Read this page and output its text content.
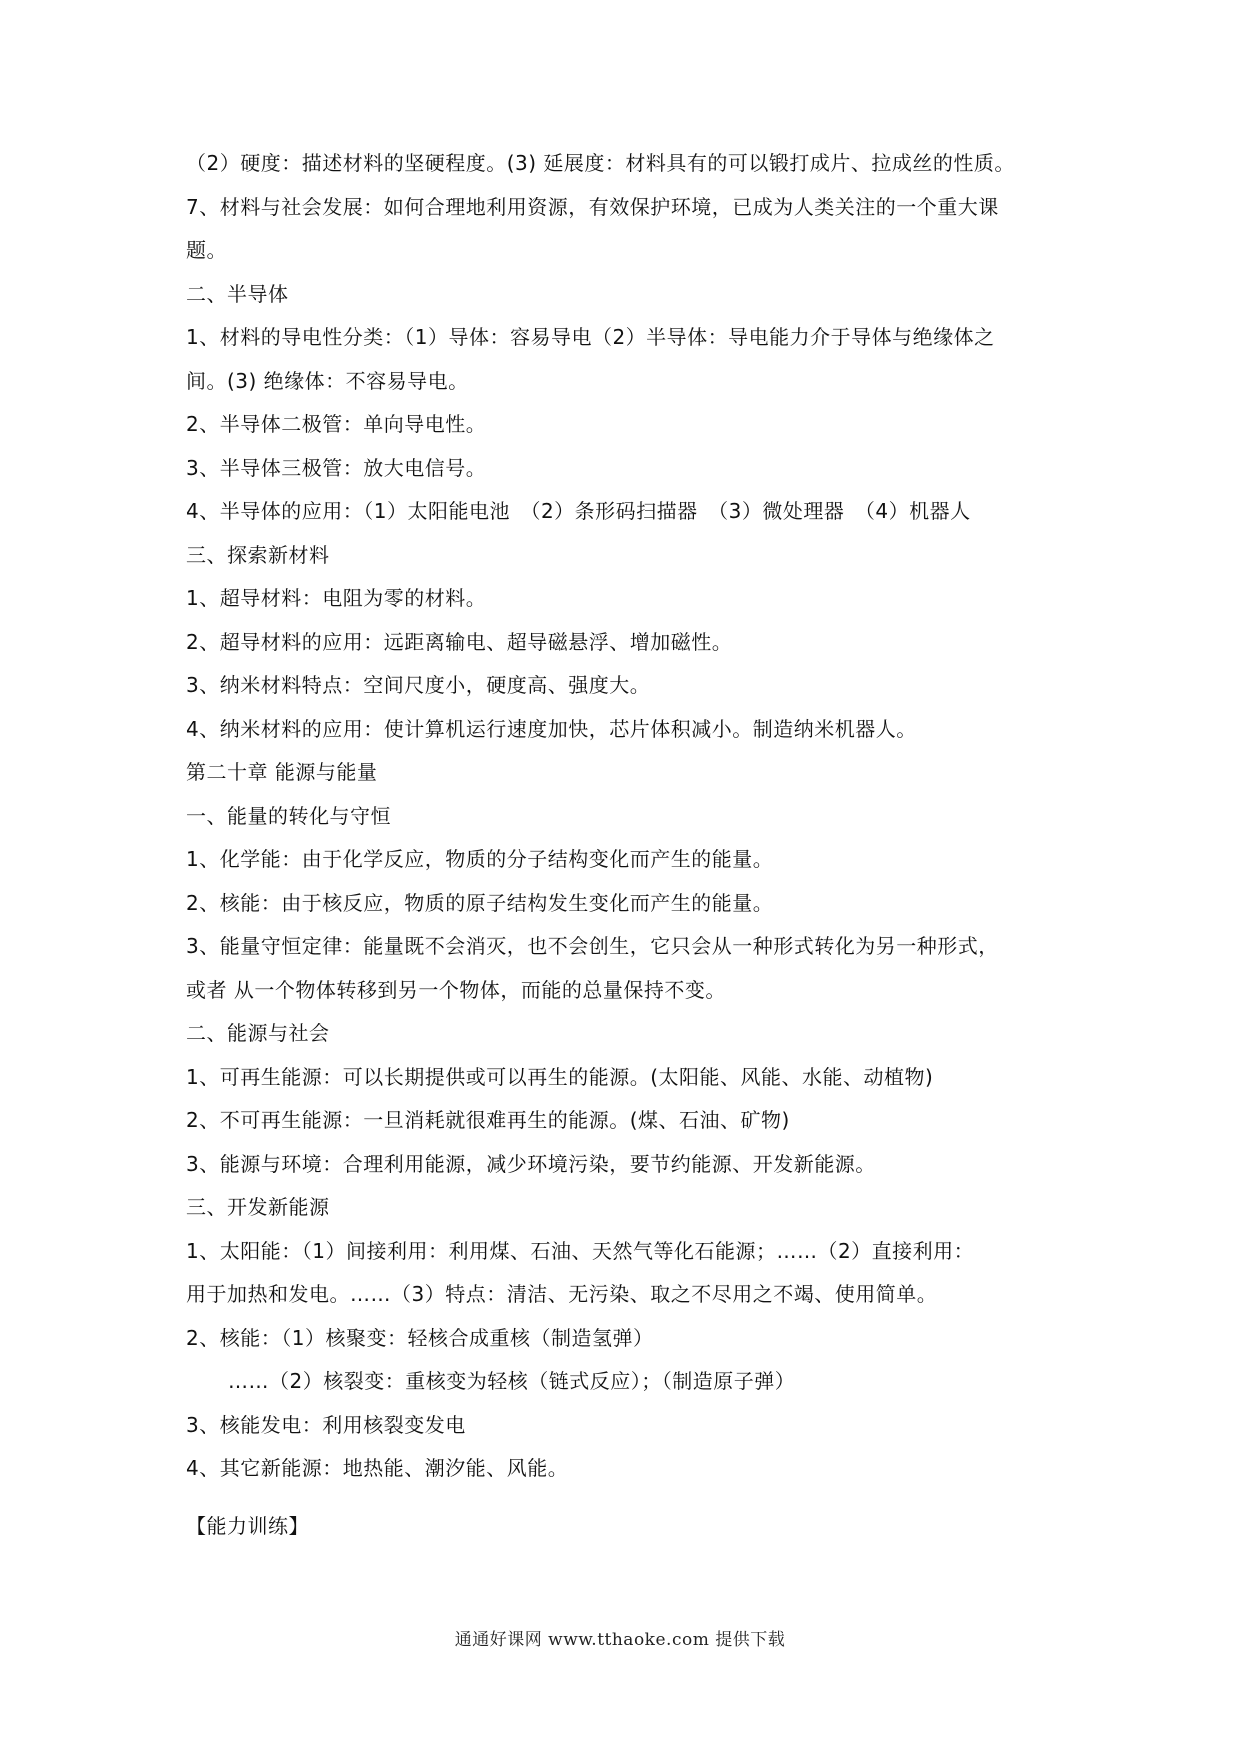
（2）硬度：描述材料的坚硬程度。(3) 延展度：材料具有的可以锻打成片、拉成丝的性质。
7、材料与社会发展：如何合理地利用资源，有效保护环境，已成为人类关注的一个重大课
题。
二、半导体
1、材料的导电性分类：（1）导体：容易导电（2）半导体：导电能力介于导体与绝缘体之
间。(3) 绝缘体：不容易导电。
2、半导体二极管：单向导电性。
3、半导体三极管：放大电信号。
4、半导体的应用：（1）太阳能电池　（2）条形码扫描器　（3）微处理器　（4）机器人
三、探索新材料
1、超导材料：电阻为零的材料。
2、超导材料的应用：远距离输电、超导磁悬浮、增加磁性。
3、纳米材料特点：空间尺度小，硬度高、强度大。
4、纳米材料的应用：使计算机运行速度加快，芯片体积减小。制造纳米机器人。
第二十章 能源与能量
一、能量的转化与守恒
1、化学能：由于化学反应，物质的分子结构变化而产生的能量。
2、核能：由于核反应，物质的原子结构发生变化而产生的能量。
3、能量守恒定律：能量既不会消灭，也不会创生，它只会从一种形式转化为另一种形式，
或者 从一个物体转移到另一个物体，而能的总量保持不变。
二、能源与社会
1、可再生能源：可以长期提供或可以再生的能源。(太阳能、风能、水能、动植物)
2、不可再生能源：一旦消耗就很难再生的能源。(煤、石油、矿物)
3、能源与环境：合理利用能源，减少环境污染，要节约能源、开发新能源。
三、开发新能源
1、太阳能：（1）间接利用：利用煤、石油、天然气等化石能源；……（2）直接利用：
用于加热和发电。……（3）特点：清洁、无污染、取之不尽用之不竭、使用简单。
2、核能：（1）核聚变：轻核合成重核（制造氢弹）
……（2）核裂变：重核变为轻核（链式反应）；（制造原子弹）
3、核能发电：利用核裂变发电
4、其它新能源：地热能、潮汐能、风能。
【能力训练】
通通好课网 www.tthaoke.com 提供下载
